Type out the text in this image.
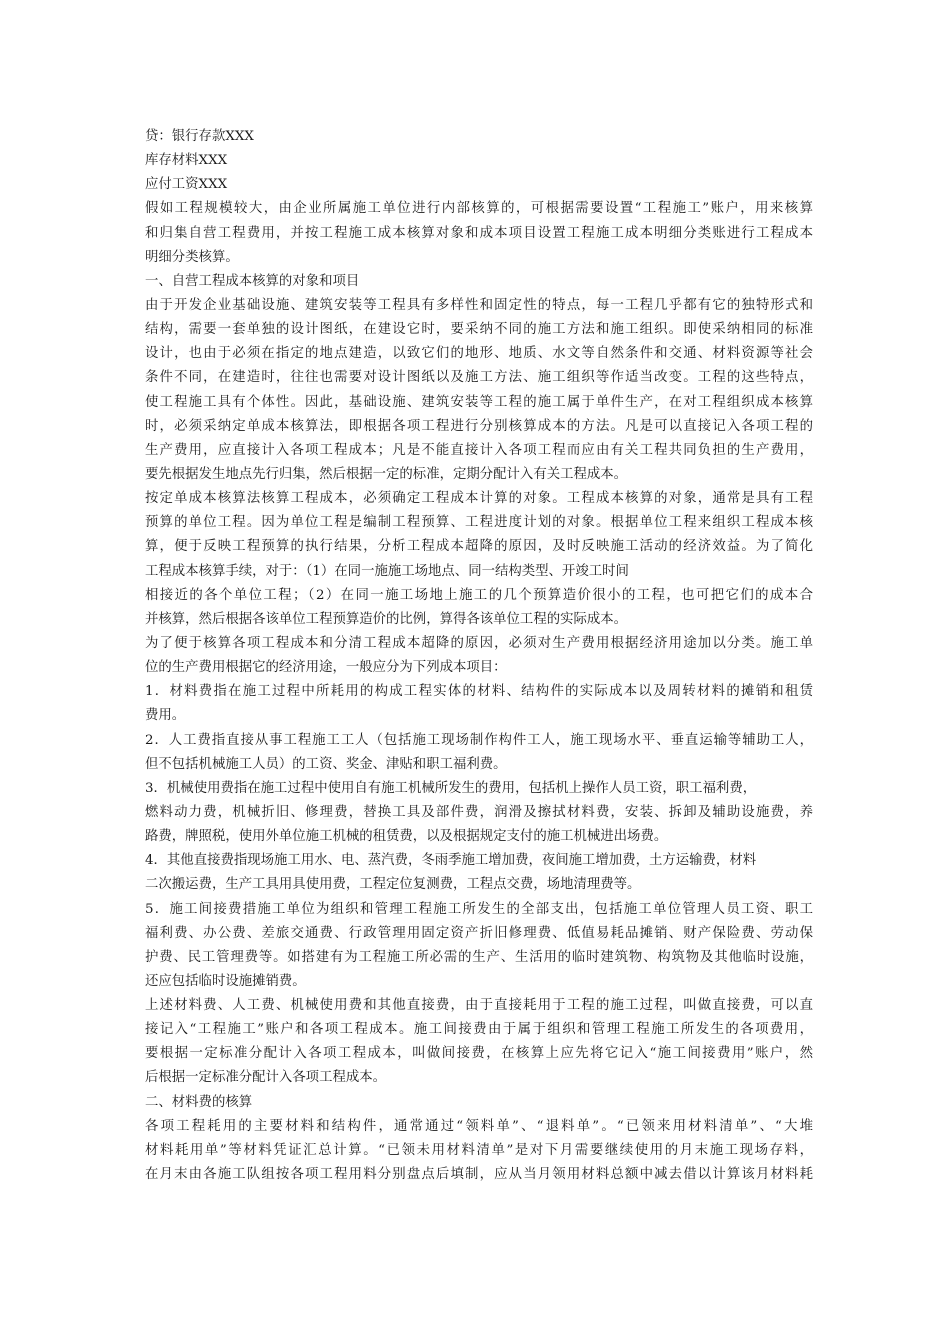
贷：银行存款XXX
库存材料XXX
应付工资XXX
假如工程规模较大，由企业所属施工单位进行内部核算的，可根据需要设置“工程施工”账户，用来核算
和归集自营工程费用，并按工程施工成本核算对象和成本项目设置工程施工成本明细分类账进行工程成本
明细分类核算。
一、自营工程成本核算的对象和项目
由于开发企业基础设施、建筑安装等工程具有多样性和固定性的特点，每一工程几乎都有它的独特形式和
结构，需要一套单独的设计图纸，在建设它时，要采纳不同的施工方法和施工组织。即使采纳相同的标准
设计，也由于必须在指定的地点建造，以致它们的地形、地质、水文等自然条件和交通、材料资源等社会
条件不同，在建造时，往往也需要对设计图纸以及施工方法、施工组织等作适当改变。工程的这些特点，
使工程施工具有个体性。因此，基础设施、建筑安装等工程的施工属于单件生产，在对工程组织成本核算
时，必须采纳定单成本核算法，即根据各项工程进行分别核算成本的方法。凡是可以直接记入各项工程的
生产费用，应直接计入各项工程成本；凡是不能直接计入各项工程而应由有关工程共同负担的生产费用，
要先根据发生地点先行归集，然后根据一定的标准，定期分配计入有关工程成本。
按定单成本核算法核算工程成本，必须确定工程成本计算的对象。工程成本核算的对象，通常是具有工程
预算的单位工程。因为单位工程是编制工程预算、工程进度计划的对象。根据单位工程来组织工程成本核
算，便于反映工程预算的执行结果，分析工程成本超降的原因，及时反映施工活动的经济效益。为了简化
工程成本核算手续，对于：（1）在同一施施工场地点、同一结构类型、开竣工时间
相接近的各个单位工程；（2）在同一施工场地上施工的几个预算造价很小的工程，也可把它们的成本合
并核算，然后根据各该单位工程预算造价的比例，算得各该单位工程的实际成本。
为了便于核算各项工程成本和分清工程成本超降的原因，必须对生产费用根据经济用途加以分类。施工单
位的生产费用根据它的经济用途，一般应分为下列成本项目：
1．材料费指在施工过程中所耗用的构成工程实体的材料、结构件的实际成本以及周转材料的摊销和租赁
费用。
2．人工费指直接从事工程施工工人（包括施工现场制作构件工人，施工现场水平、垂直运输等辅助工人，
但不包括机械施工人员）的工资、奖金、津贴和职工福利费。
3．机械使用费指在施工过程中使用自有施工机械所发生的费用，包括机上操作人员工资，职工福利费，
燃料动力费，机械折旧、修理费，替换工具及部件费，润滑及擦拭材料费，安装、拆卸及辅助设施费，养
路费，牌照税，使用外单位施工机械的租赁费，以及根据规定支付的施工机械进出场费。
4．其他直接费指现场施工用水、电、蒸汽费，冬雨季施工增加费，夜间施工增加费，土方运输费，材料
二次搬运费，生产工具用具使用费，工程定位复测费，工程点交费，场地清理费等。
5．施工间接费措施工单位为组织和管理工程施工所发生的全部支出，包括施工单位管理人员工资、职工
福利费、办公费、差旅交通费、行政管理用固定资产折旧修理费、低值易耗品摊销、财产保险费、劳动保
护费、民工管理费等。如搭建有为工程施工所必需的生产、生活用的临时建筑物、构筑物及其他临时设施，
还应包括临时设施摊销费。
上述材料费、人工费、机械使用费和其他直接费，由于直接耗用于工程的施工过程，叫做直接费，可以直
接记入“工程施工”账户和各项工程成本。施工间接费由于属于组织和管理工程施工所发生的各项费用，
要根据一定标准分配计入各项工程成本，叫做间接费，在核算上应先将它记入“施工间接费用”账户，然
后根据一定标准分配计入各项工程成本。
二、材料费的核算
各项工程耗用的主要材料和结构件，通常通过“领料单”、“退料单”。“已领来用材料清单”、“大堆
材料耗用单”等材料凭证汇总计算。“已领未用材料清单”是对下月需要继续使用的月末施工现场存料，
在月末由各施工队组按各项工程用料分别盘点后填制，应从当月领用材料总额中减去借以计算该月材料耗
